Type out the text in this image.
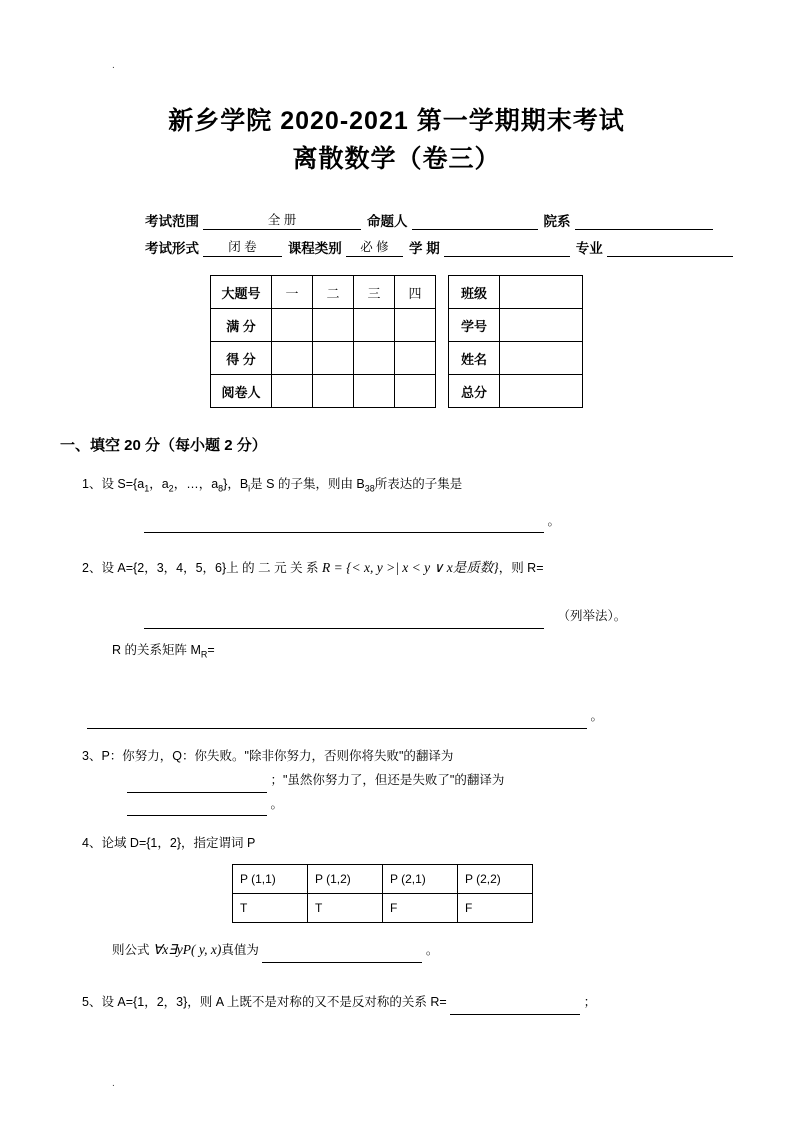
.
新乡学院 2020-2021 第一学期期末考试
离散数学（卷三）
考试范围	全 册	命题人	院系
考试形式	闭 卷	课程类别	必 修	学 期	专业
大题号	一	二	三	四
满 分				
得 分				
阅卷人				
班级	
学号	
姓名	
总分	
一、填空 20 分（每小题 2 分）
1、设 $S=\{a_1$，$a_2$，…，$a_8$}，$B_i$是 S 的子集，则由 $B_{38}$所表达的子集是
。
2、设 A={2，3，4，5，6}上 的 二 元 关 系 R = {< x, y >| x < y ∨ x是质数}，则 R=
（列举法）。
R 的关系矩阵 $M_R=$
。
3、P：你努力，Q：你失败。"除非你努力，否则你将失败"的翻译为
；"虽然你努力了，但还是失败了"的翻译为
。
4、论域 D={1，2}，指定谓词 P
P (1,1)	P (1,2)	P (2,1)	P (2,2)
T	T	F	F
则公式 ∀x∃yP( y, x)真值为	。
5、设 A={1，2，3}，则 A 上既不是对称的又不是反对称的关系 R=	；
.
